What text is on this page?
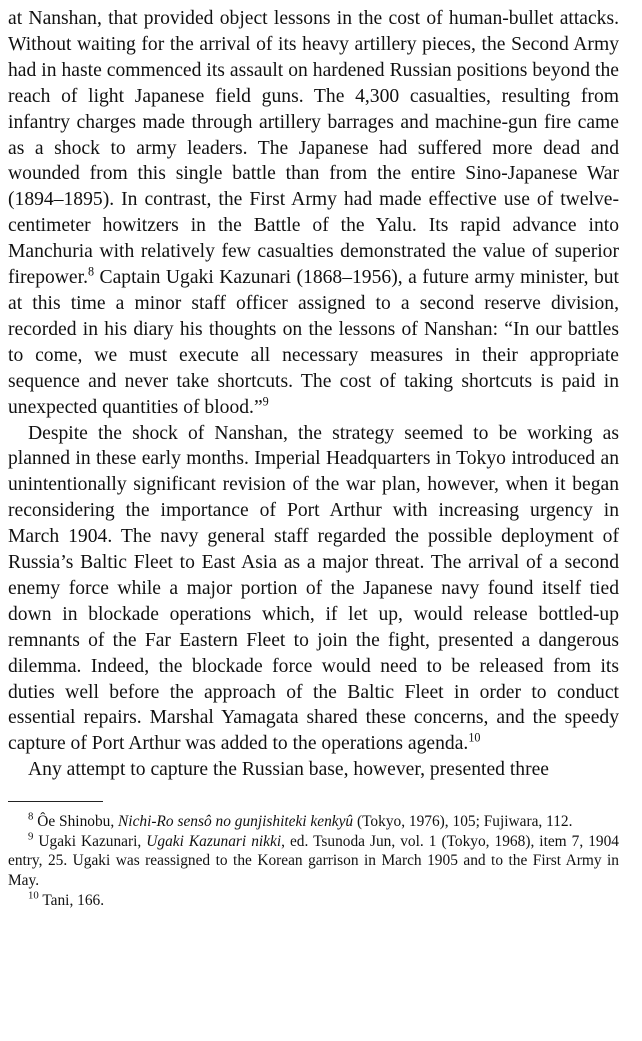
at Nanshan, that provided object lessons in the cost of human-bullet attacks. Without waiting for the arrival of its heavy artillery pieces, the Second Army had in haste commenced its assault on hardened Russian positions beyond the reach of light Japanese field guns. The 4,300 casualties, resulting from infantry charges made through artillery barrages and machine-gun fire came as a shock to army leaders. The Japanese had suffered more dead and wounded from this single battle than from the entire Sino-Japanese War (1894–1895). In contrast, the First Army had made effective use of twelve-centimeter howitzers in the Battle of the Yalu. Its rapid advance into Manchuria with relatively few casualties demonstrated the value of superior firepower.$^8$ Captain Ugaki Kazunari (1868–1956), a future army minister, but at this time a minor staff officer assigned to a second reserve division, recorded in his diary his thoughts on the lessons of Nanshan: “In our battles to come, we must execute all necessary measures in their appropriate sequence and never take shortcuts. The cost of taking shortcuts is paid in unexpected quantities of blood.”$^9$

Despite the shock of Nanshan, the strategy seemed to be working as planned in these early months. Imperial Headquarters in Tokyo introduced an unintentionally significant revision of the war plan, however, when it began reconsidering the importance of Port Arthur with increasing urgency in March 1904. The navy general staff regarded the possible deployment of Russia’s Baltic Fleet to East Asia as a major threat. The arrival of a second enemy force while a major portion of the Japanese navy found itself tied down in blockade operations which, if let up, would release bottled-up remnants of the Far Eastern Fleet to join the fight, presented a dangerous dilemma. Indeed, the blockade force would need to be released from its duties well before the approach of the Baltic Fleet in order to conduct essential repairs. Marshal Yamagata shared these concerns, and the speedy capture of Port Arthur was added to the operations agenda.$^{10}$

Any attempt to capture the Russian base, however, presented three

$^8$ Ôe Shinobu, Nichi-Ro sensô no gunjishiteki kenkyû (Tokyo, 1976), 105; Fujiwara, 112.

$^9$ Ugaki Kazunari, Ugaki Kazunari nikki, ed. Tsunoda Jun, vol. 1 (Tokyo, 1968), item 7, 1904 entry, 25. Ugaki was reassigned to the Korean garrison in March 1905 and to the First Army in May.

$^{10}$ Tani, 166.
